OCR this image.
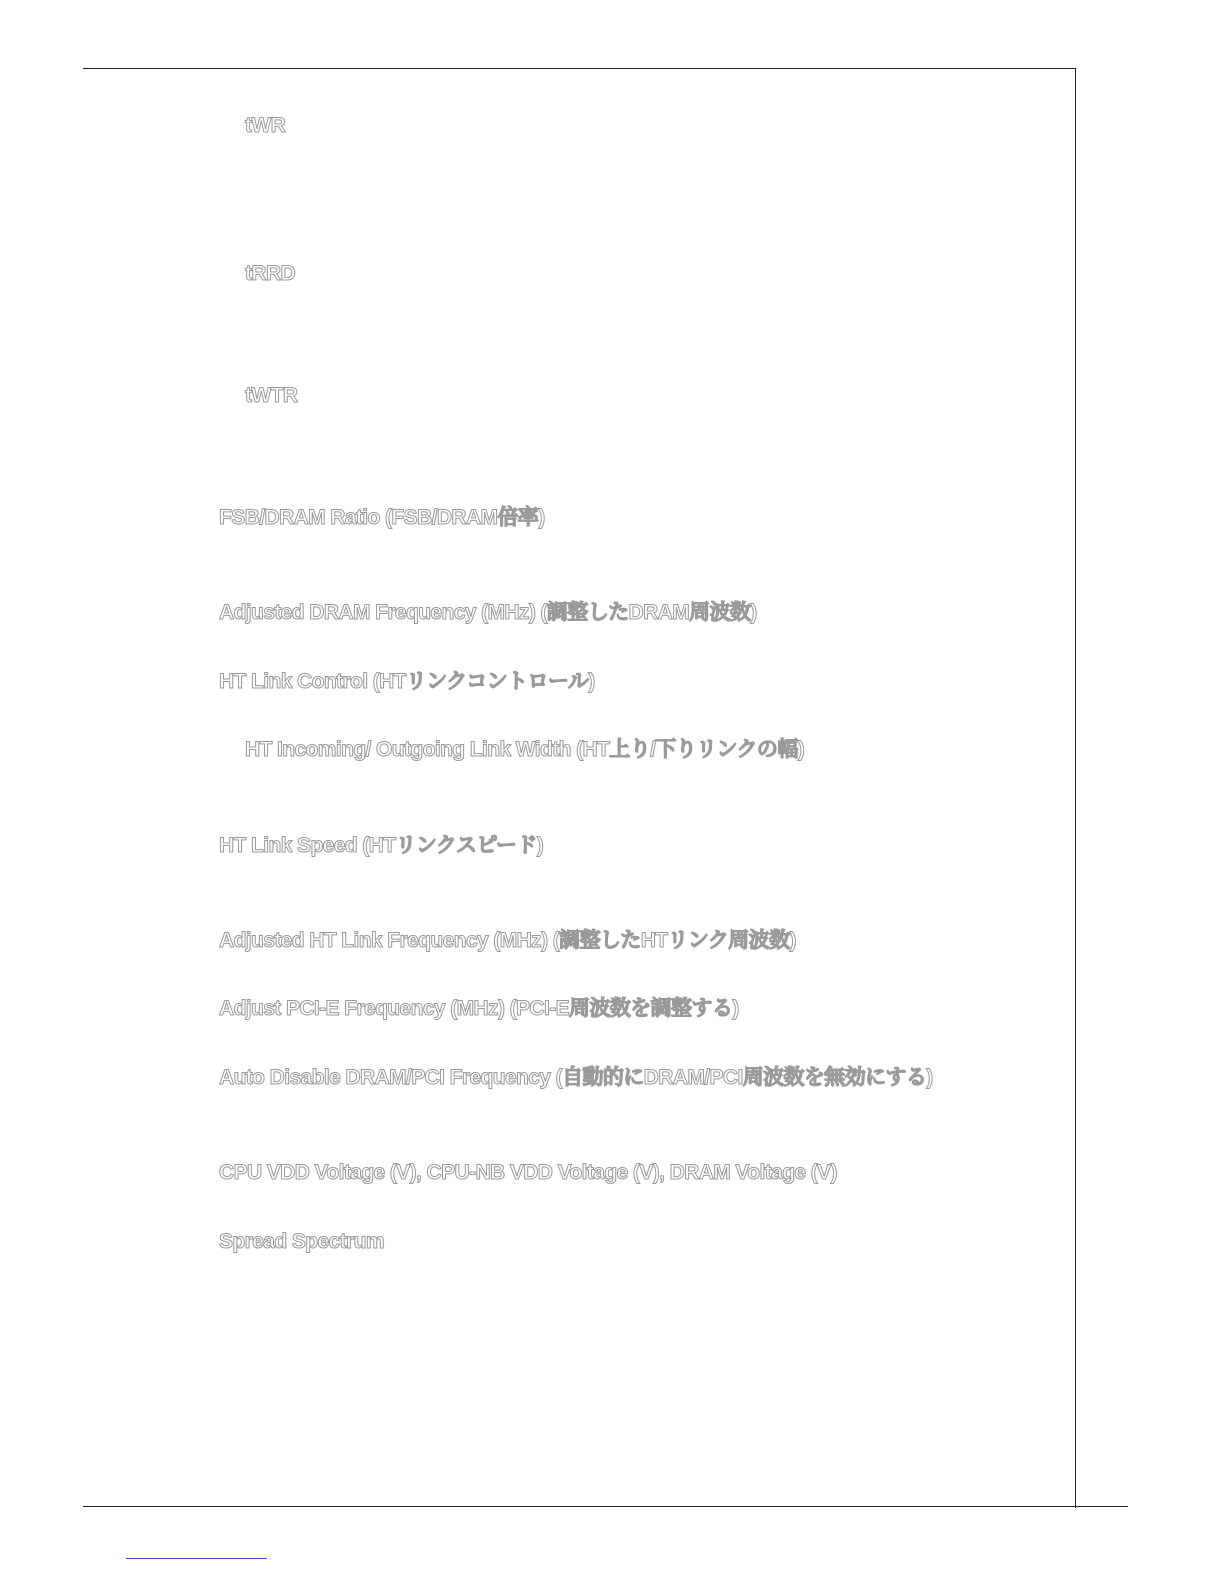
tWR
tRRD
tWTR
FSB/DRAM Ratio (FSB/DRAM倍率)
Adjusted DRAM Frequency (MHz) (調整したDRAM周波数)
HT Link Control (HTリンクコントロール)
HT Incoming/ Outgoing Link Width (HT上り/下りリンクの幅)
HT Link Speed (HTリンクスピード)
Adjusted HT Link Frequency (MHz) (調整したHTリンク周波数)
Adjust PCI-E Frequency (MHz) (PCI-E周波数を調整する)
Auto Disable DRAM/PCI Frequency (自動的にDRAM/PCI周波数を無効にする)
CPU VDD Voltage (V), CPU-NB VDD Voltage (V), DRAM Voltage (V)
Spread Spectrum
